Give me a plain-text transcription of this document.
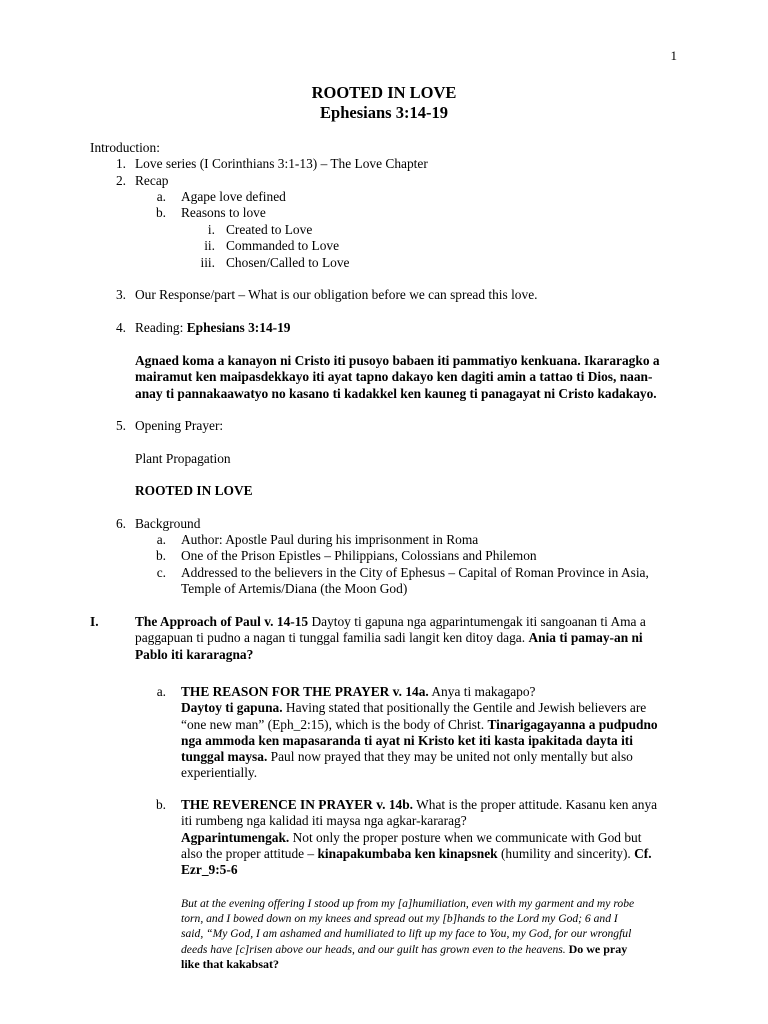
1
ROOTED IN LOVE
Ephesians 3:14-19
Introduction:
1. Love series (I Corinthians 3:1-13) – The Love Chapter
2. Recap
a. Agape love defined
b. Reasons to love
i. Created to Love
ii. Commanded to Love
iii. Chosen/Called to Love
3. Our Response/part – What is our obligation before we can spread this love.
4. Reading: Ephesians 3:14-19
Agnaed koma a kanayon ni Cristo iti pusoyo babaen iti pammatiyo kenkuana. Ikararagko a
mairamut ken maipasdekkayo iti ayat tapno dakayo ken dagiti amin a tattao ti Dios, naan-
anay ti pannakaawatyo no kasano ti kadakkel ken kauneg ti panagayat ni Cristo kadakayo.
5. Opening Prayer:
Plant Propagation
ROOTED IN LOVE
6. Background
a. Author: Apostle Paul during his imprisonment in Roma
b. One of the Prison Epistles – Philippians, Colossians and Philemon
c. Addressed to the believers in the City of Ephesus – Capital of Roman Province in Asia,
Temple of Artemis/Diana (the Moon God)
I.	The Approach of Paul v. 14-15 Daytoy ti gapuna nga agparintumengak iti sangoanan ti Ama a
paggapuan ti pudno a nagan ti tunggal familia sadi langit ken ditoy daga. Ania ti pamay-an ni
Pablo iti kararagna?
a. THE REASON FOR THE PRAYER v. 14a. Anya ti makagapo?
Daytoy ti gapuna. Having stated that positionally the Gentile and Jewish believers are
“one new man” (Eph_2:15), which is the body of Christ. Tinarigagayanna a pudpudno
nga ammoda ken mapasaranda ti ayat ni Kristo ket iti kasta ipakitada dayta iti
tunggal maysa. Paul now prayed that they may be united not only mentally but also
experientially.
b. THE REVERENCE IN PRAYER v. 14b. What is the proper attitude. Kasanu ken anya
iti rumbeng nga kalidad iti maysa nga agkar-kararag?
Agparintumengak. Not only the proper posture when we communicate with God but
also the proper attitude – kinapakumbaba ken kinapsnek (humility and sincerity). Cf.
Ezr_9:5-6
But at the evening offering I stood up from my [a]humiliation, even with my garment and my robe
torn, and I bowed down on my knees and spread out my [b]hands to the Lord my God; 6 and I
said, “My God, I am ashamed and humiliated to lift up my face to You, my God, for our wrongful
deeds have [c]risen above our heads, and our guilt has grown even to the heavens. Do we pray
like that kakabsat?
